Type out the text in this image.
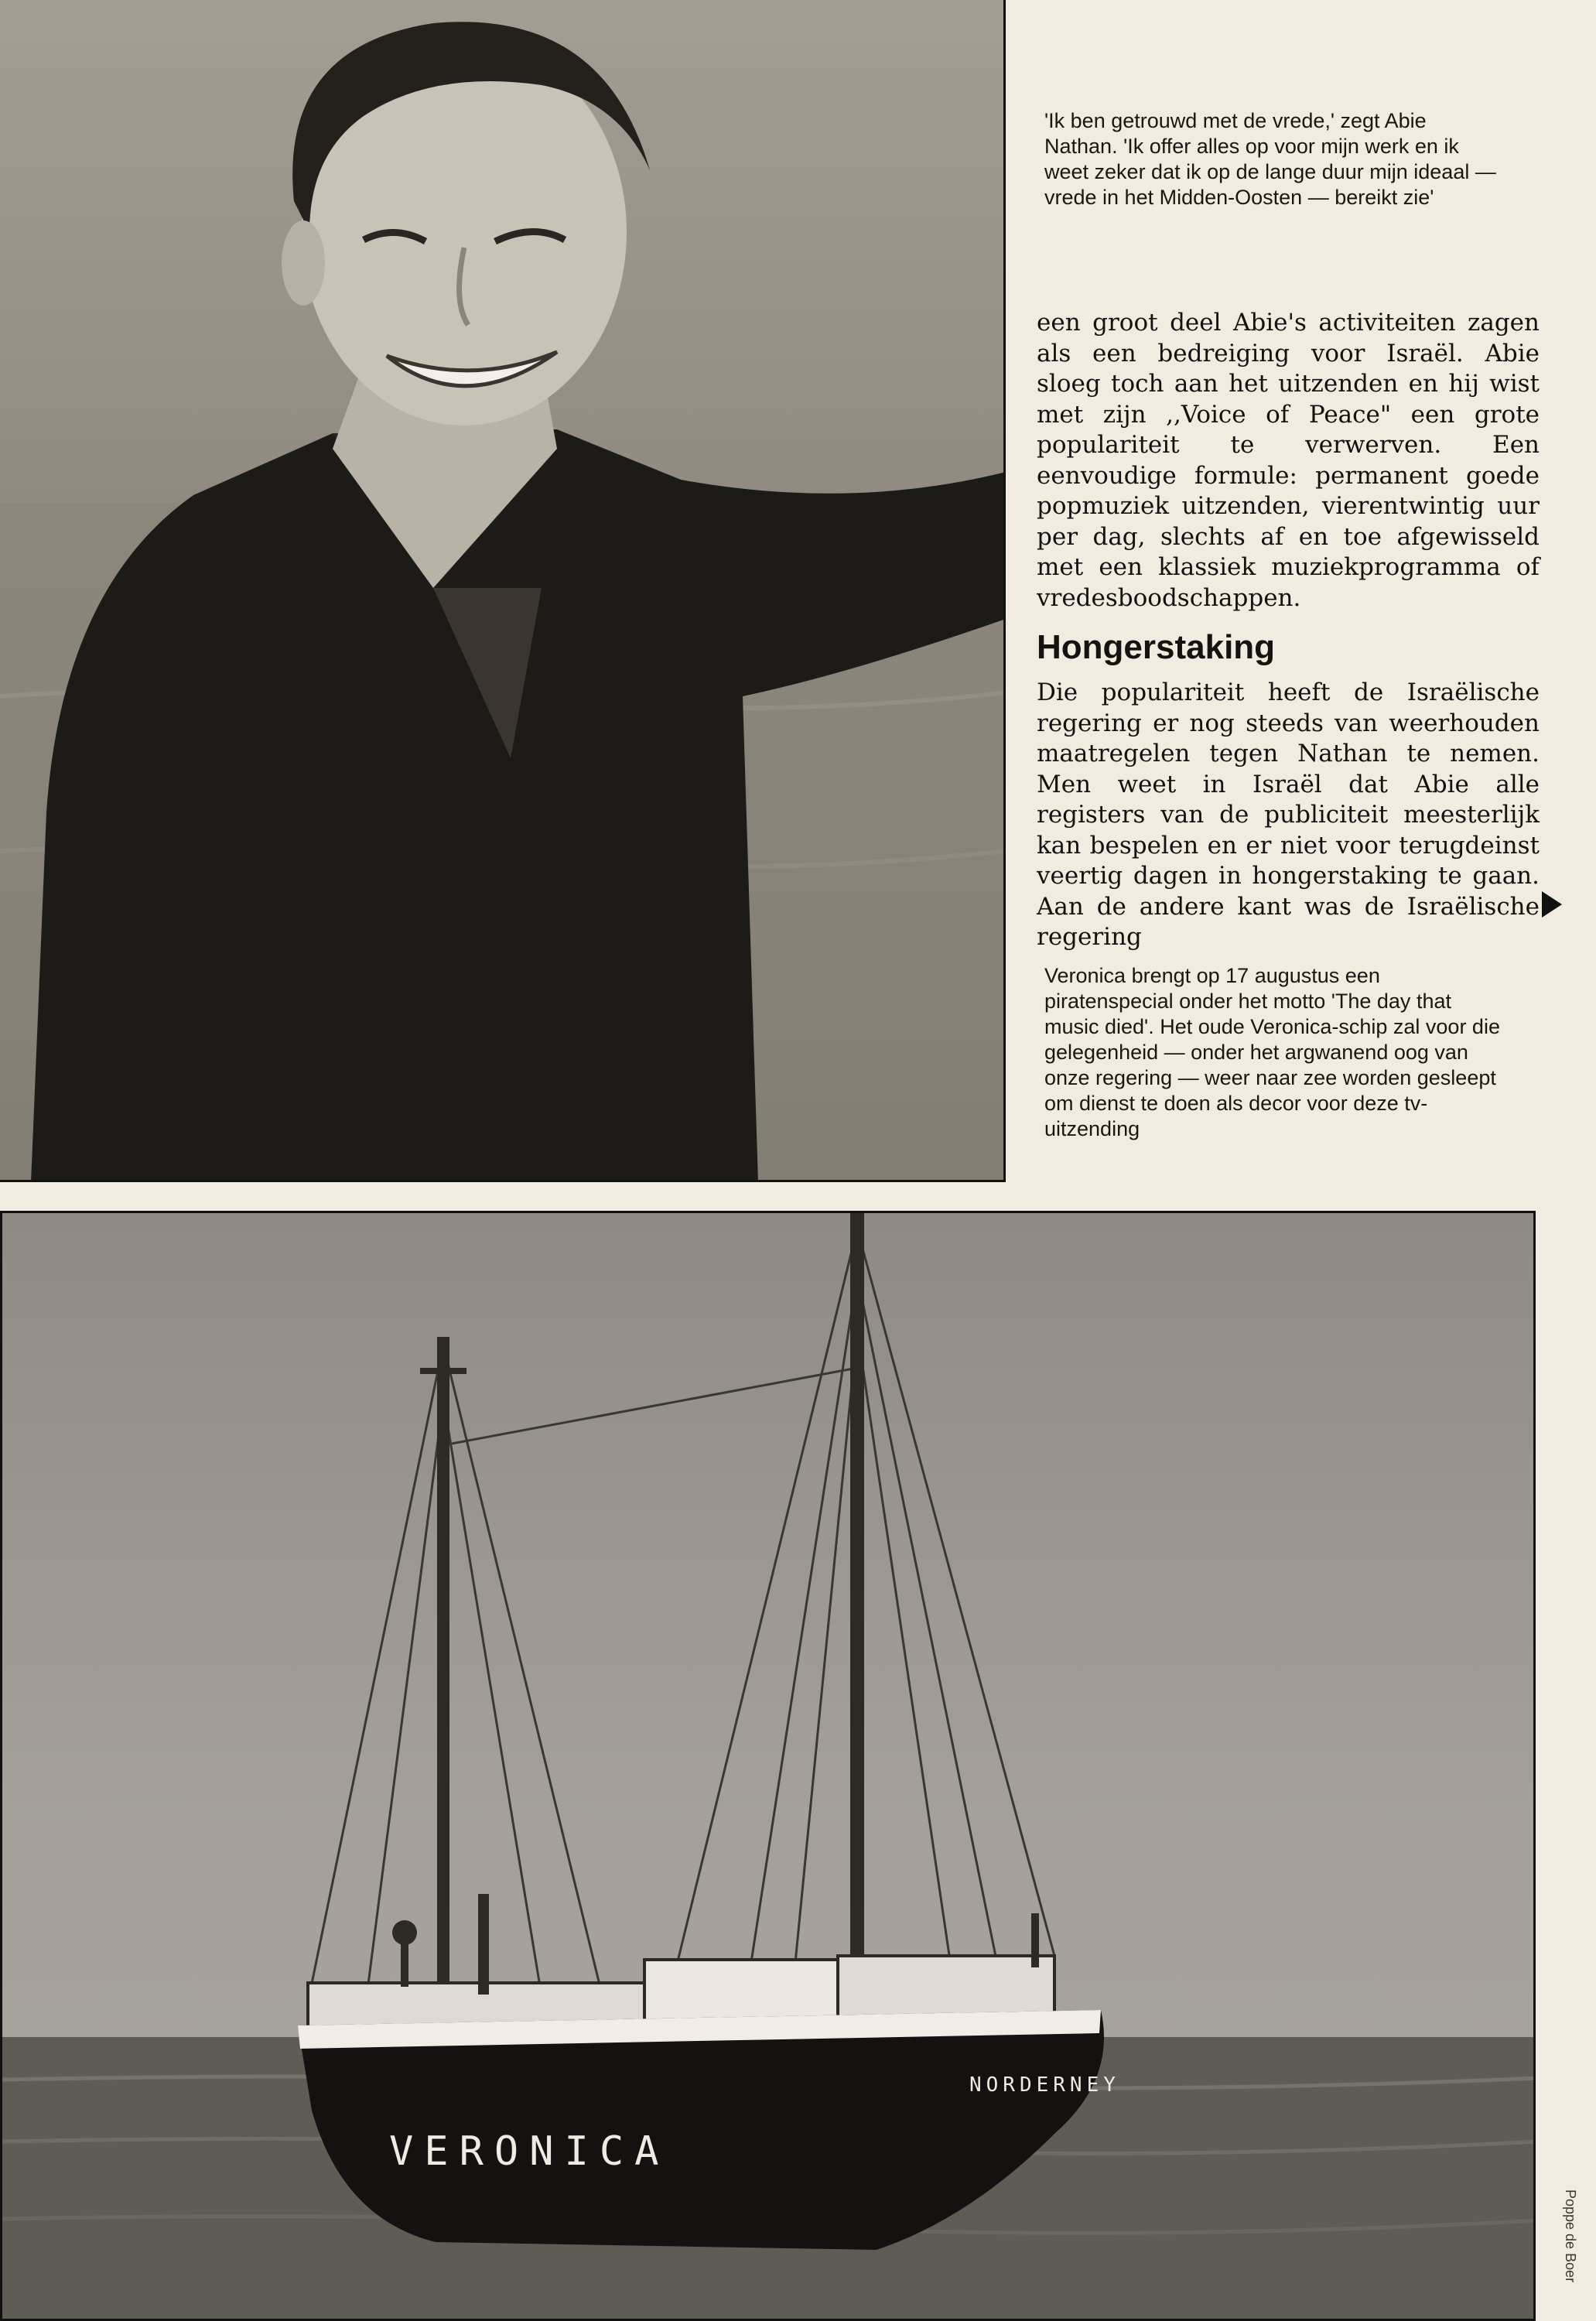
'Ik ben getrouwd met de vrede,' zegt Abie Nathan. 'Ik offer alles op voor mijn werk en ik weet zeker dat ik op de lange duur mijn ideaal — vrede in het Midden-Oosten — bereikt zie'

een groot deel Abie's activiteiten zagen als een bedreiging voor Israël. Abie sloeg toch aan het uitzenden en hij wist met zijn ,,Voice of Peace" een grote populariteit te verwerven. Een eenvoudige formule: permanent goede popmuziek uitzenden, vierentwintig uur per dag, slechts af en toe afgewisseld met een klassiek muziekprogramma of vredesboodschappen.

Hongerstaking

Die populariteit heeft de Israëlische regering er nog steeds van weerhouden maatregelen tegen Nathan te nemen. Men weet in Israël dat Abie alle registers van de publiciteit meesterlijk kan bespelen en er niet voor terugdeinst veertig dagen in hongerstaking te gaan. Aan de andere kant was de Israëlische regering

Veronica brengt op 17 augustus een piratenspecial onder het motto 'The day that music died'. Het oude Veronica-schip zal voor die gelegenheid — onder het argwanend oog van onze regering — weer naar zee worden gesleept om dienst te doen als decor voor deze tv-uitzending

VERONICA
NORDERNEY
Poppe de Boer
